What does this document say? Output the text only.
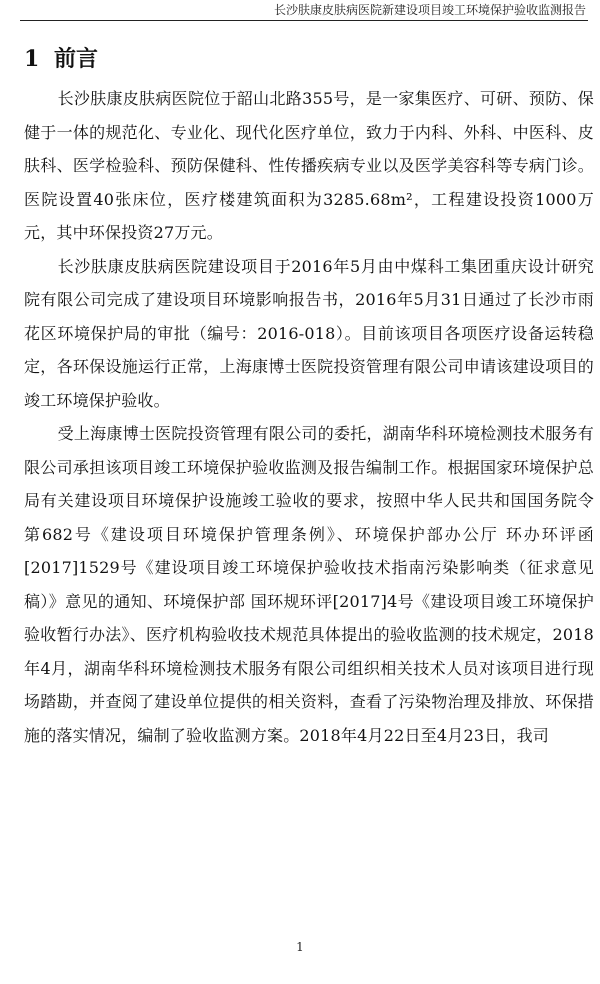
长沙肤康皮肤病医院新建设项目竣工环境保护验收监测报告
1 前言

长沙肤康皮肤病医院位于韶山北路355号，是一家集医疗、可研、预防、保健于一体的规范化、专业化、现代化医疗单位，致力于内科、外科、中医科、皮肤科、医学检验科、预防保健科、性传播疾病专业以及医学美容科等专病门诊。医院设置40张床位，医疗楼建筑面积为3285.68m²，工程建设投资1000万元，其中环保投资27万元。

长沙肤康皮肤病医院建设项目于2016年5月由中煤科工集团重庆设计研究院有限公司完成了建设项目环境影响报告书，2016年5月31日通过了长沙市雨花区环境保护局的审批（编号：2016-018）。目前该项目各项医疗设备运转稳定，各环保设施运行正常，上海康博士医院投资管理有限公司申请该建设项目的竣工环境保护验收。

受上海康博士医院投资管理有限公司的委托，湖南华科环境检测技术服务有限公司承担该项目竣工环境保护验收监测及报告编制工作。根据国家环境保护总局有关建设项目环境保护设施竣工验收的要求，按照中华人民共和国国务院令 第682号《建设项目环境保护管理条例》、环境保护部办公厅 环办环评函[2017]1529号《建设项目竣工环境保护验收技术指南污染影响类（征求意见稿）》意见的通知、环境保护部 国环规环评[2017]4号《建设项目竣工环境保护验收暂行办法》、医疗机构验收技术规范具体提出的验收监测的技术规定，2018年4月，湖南华科环境检测技术服务有限公司组织相关技术人员对该项目进行现场踏勘，并查阅了建设单位提供的相关资料，查看了污染物治理及排放、环保措施的落实情况，编制了验收监测方案。2018年4月22日至4月23日，我司

1
